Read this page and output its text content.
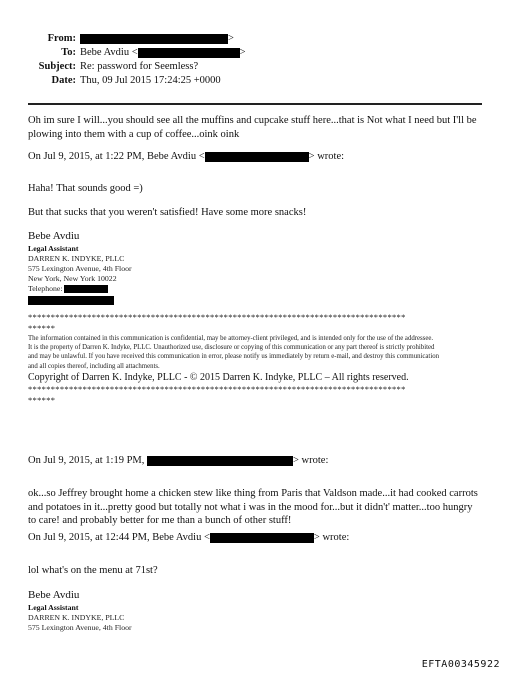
From:	>
To: Bebe Avdiu <	>
Subject: Re: password for Seemless?
Date: Thu, 09 Jul 2015 17:24:25 +0000
Oh im sure I will...you should see all the muffins and cupcake stuff here...that is Not what I need but I'll be plowing into them with a cup of coffee...oink oink
On Jul 9, 2015, at 1:22 PM, Bebe Avdiu <	> wrote:
Haha! That sounds good =)
But that sucks that you weren't satisfied! Have some more snacks!
Bebe Avdiu
Legal Assistant
DARREN K. INDYKE, PLLC
575 Lexington Avenue, 4th Floor
New York, New York 10022
Telephone:
***********************************************************************************
******
The information contained in this communication is confidential, may be attorney-client privileged, and is intended only for the use of the addressee.
It is the property of Darren K. Indyke, PLLC. Unauthorized use, disclosure or copying of this communication or any part thereof is strictly prohibited
and may be unlawful. If you have received this communication in error, please notify us immediately by return e-mail, and destroy this communication
and all copies thereof, including all attachments.
Copyright of Darren K. Indyke, PLLC - © 2015 Darren K. Indyke, PLLC – All rights reserved.
***********************************************************************************
******
On Jul 9, 2015, at 1:19 PM,	> wrote:
ok...so Jeffrey brought home a chicken stew like thing from Paris that Valdson made...it had cooked carrots and potatoes in it...pretty good but totally not what i was in the mood for...but it didn't' matter...too hungry to care! and probably better for me than a bunch of other stuff!
On Jul 9, 2015, at 12:44 PM, Bebe Avdiu <	> wrote:
lol what's on the menu at 71st?
Bebe Avdiu
Legal Assistant
DARREN K. INDYKE, PLLC
575 Lexington Avenue, 4th Floor
EFTA00345922
